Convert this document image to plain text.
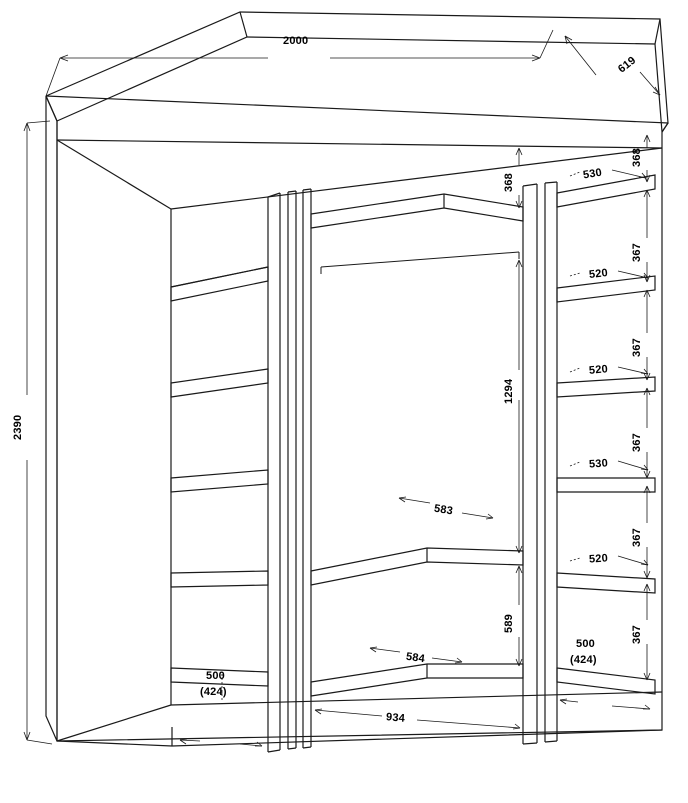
2000
619
2390
368
1294
589
583
584
934
500
(424)
500
(424)
530
520
520
530
520
368
367
367
367
367
367
